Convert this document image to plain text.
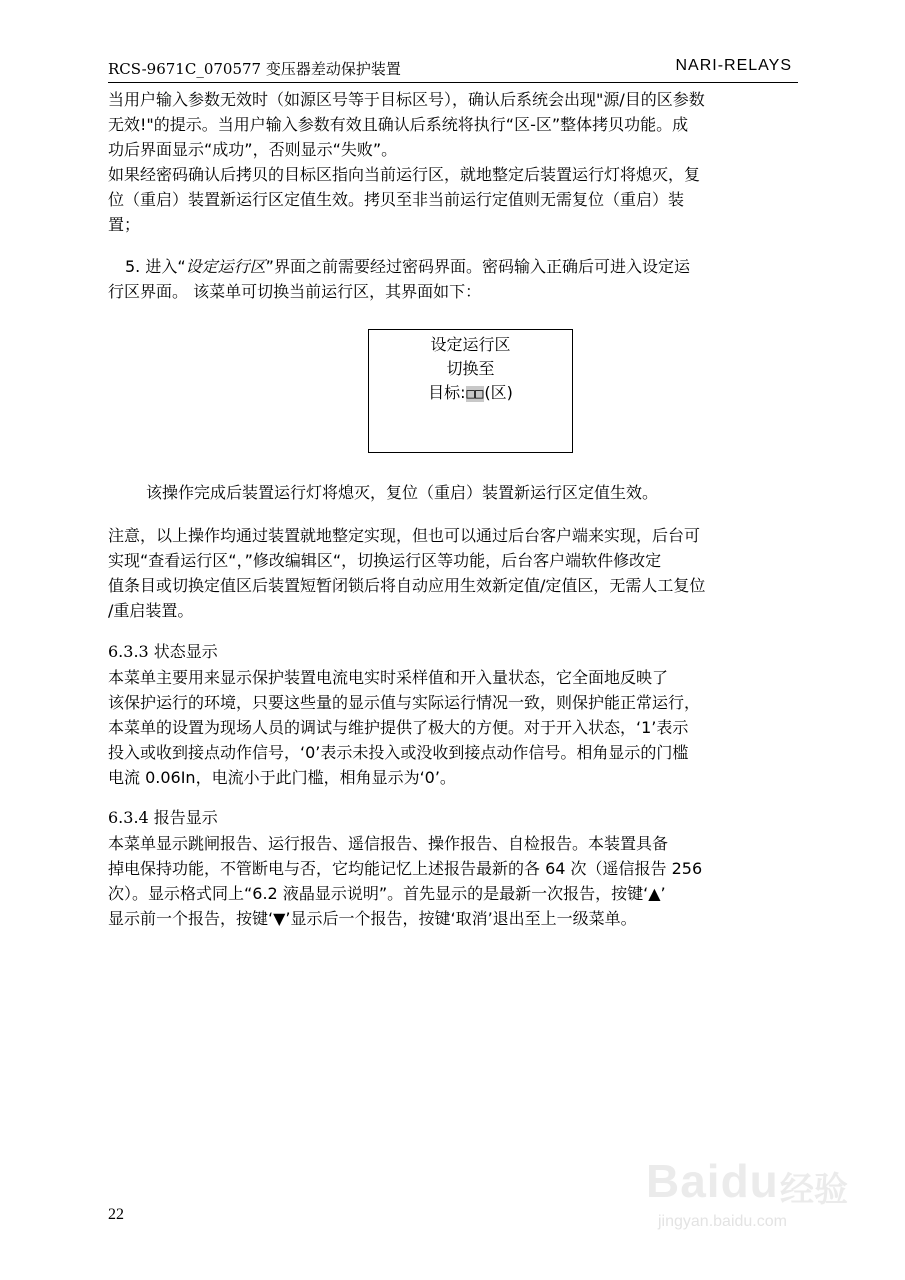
RCS-9671C_070577 变压器差动保护装置	NARI-RELAYS

当用户输入参数无效时（如源区号等于目标区号），确认后系统会出现"源/目的区参数

无效!"的提示。当用户输入参数有效且确认后系统将执行“区-区”整体拷贝功能。成

功后界面显示“成功”，否则显示“失败”。

如果经密码确认后拷贝的目标区指向当前运行区，就地整定后装置运行灯将熄灭，复

位（重启）装置新运行区定值生效。拷贝至非当前运行定值则无需复位（重启）装

置；

5. 进入“设定运行区”界面之前需要经过密码界面。密码输入正确后可进入设定运

行区界面。 该菜单可切换当前运行区，其界面如下：

设定运行区
切换至
目标:□□(区)

该操作完成后装置运行灯将熄灭，复位（重启）装置新运行区定值生效。

注意，以上操作均通过装置就地整定实现，但也可以通过后台客户端来实现，后台可

实现“查看运行区“，”修改编辑区“，切换运行区等功能，后台客户端软件修改定

值条目或切换定值区后装置短暂闭锁后将自动应用生效新定值/定值区，无需人工复位

/重启装置。

6.3.3 状态显示

本菜单主要用来显示保护装置电流电实时采样值和开入量状态，它全面地反映了

该保护运行的环境，只要这些量的显示值与实际运行情况一致，则保护能正常运行，

本菜单的设置为现场人员的调试与维护提供了极大的方便。对于开入状态，‘1’表示

投入或收到接点动作信号，‘0’表示未投入或没收到接点动作信号。相角显示的门槛

电流 0.06In，电流小于此门槛，相角显示为‘0’。

6.3.4 报告显示

本菜单显示跳闸报告、运行报告、遥信报告、操作报告、自检报告。本装置具备

掉电保持功能，不管断电与否，它均能记忆上述报告最新的各 64 次（遥信报告 256

次）。显示格式同上“6.2 液晶显示说明”。首先显示的是最新一次报告，按键‘▲’

显示前一个报告，按键‘▼’显示后一个报告，按键‘取消’退出至上一级菜单。

22
Baidu 经验
jingyan.baidu.com
